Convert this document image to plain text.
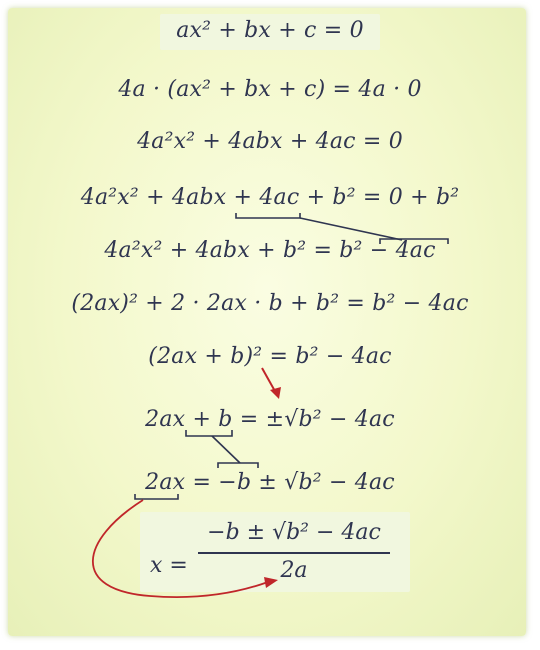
ax² + bx + c = 0
4a · (ax² + bx + c) = 4a · 0
4a²x² + 4abx + 4ac = 0
4a²x² + 4abx + 4ac + b² = 0 + b²
4a²x² + 4abx + b² = b² − 4ac
(2ax)² + 2 · 2ax · b + b² = b² − 4ac
(2ax + b)² = b² − 4ac
2ax + b = ±√b² − 4ac
2ax = −b ± √b² − 4ac
x =
−b ± √b² − 4ac
2a
